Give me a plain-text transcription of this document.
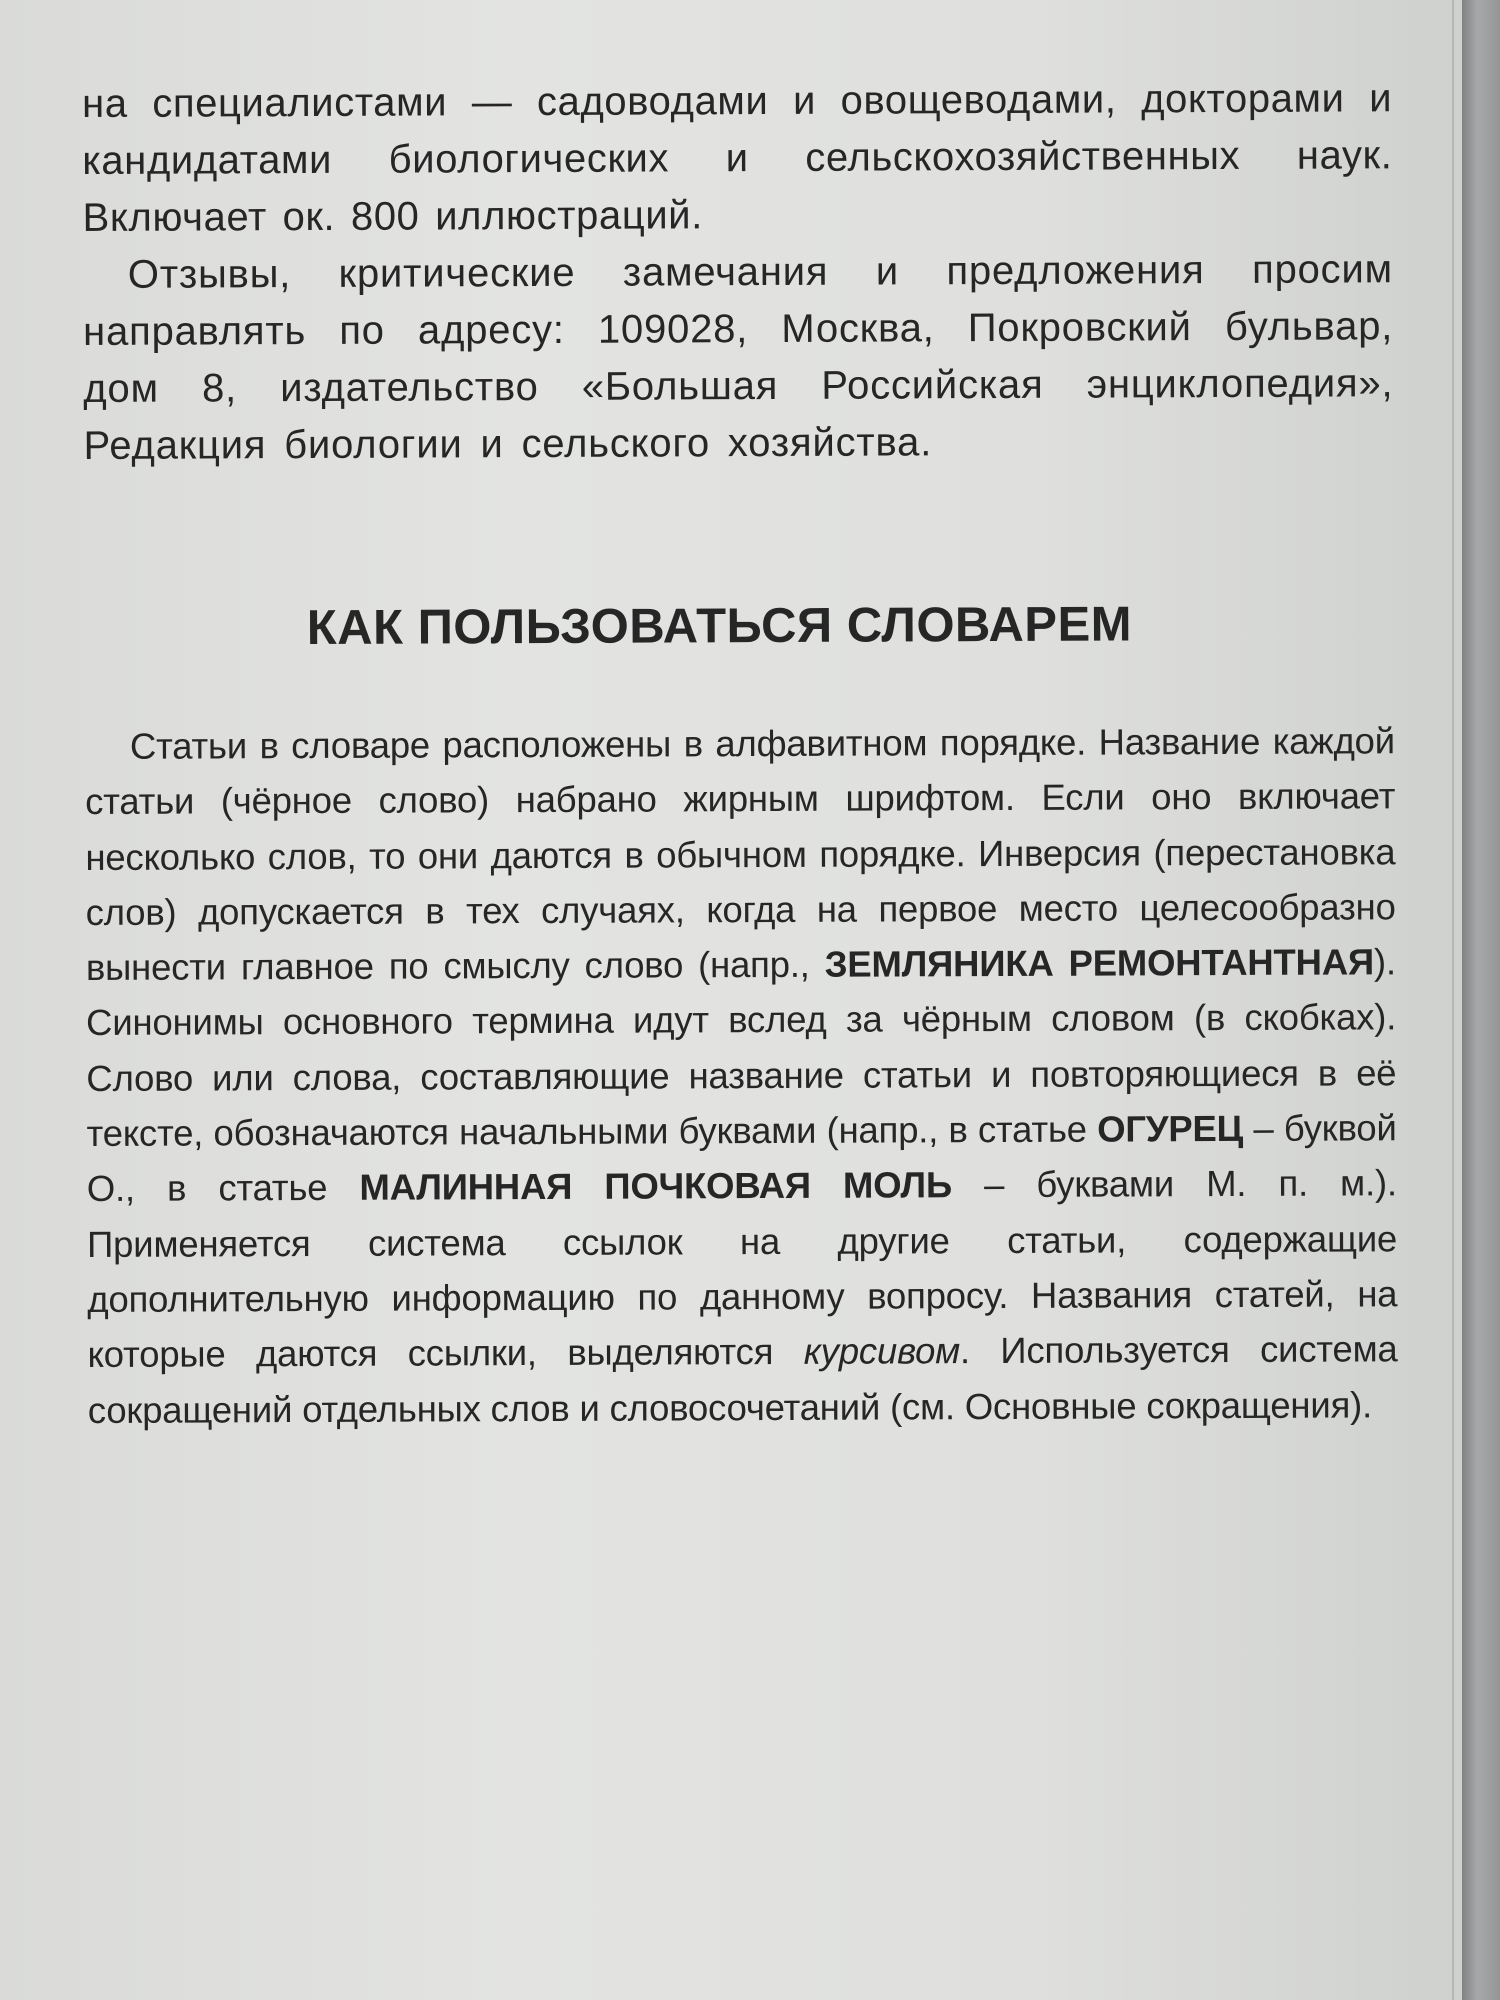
на специалистами — садоводами и овощеводами, докторами и кандидатами биологических и сельскохозяйственных наук. Включает ок. 800 иллюстраций.

Отзывы, критические замечания и предложения просим направлять по адресу: 109028, Москва, Покровский бульвар, дом 8, издательство «Большая Российская энциклопедия», Редакция биологии и сельского хозяйства.

КАК ПОЛЬЗОВАТЬСЯ СЛОВАРЕМ

Статьи в словаре расположены в алфавитном порядке. Название каждой статьи (чёрное слово) набрано жирным шрифтом. Если оно включает несколько слов, то они даются в обычном порядке. Инверсия (перестановка слов) допускается в тех случаях, когда на первое место целесообразно вынести главное по смыслу слово (напр., ЗЕМЛЯНИКА РЕМОНТАНТНАЯ). Синонимы основного термина идут вслед за чёрным словом (в скобках). Слово или слова, составляющие название статьи и повторяющиеся в её тексте, обозначаются начальными буквами (напр., в статье ОГУРЕЦ – буквой О., в статье МАЛИННАЯ ПОЧКОВАЯ МОЛЬ – буквами М. п. м.). Применяется система ссылок на другие статьи, содержащие дополнительную информацию по данному вопросу. Названия статей, на которые даются ссылки, выделяются курсивом. Используется система сокращений отдельных слов и словосочетаний (см. Основные сокращения).
